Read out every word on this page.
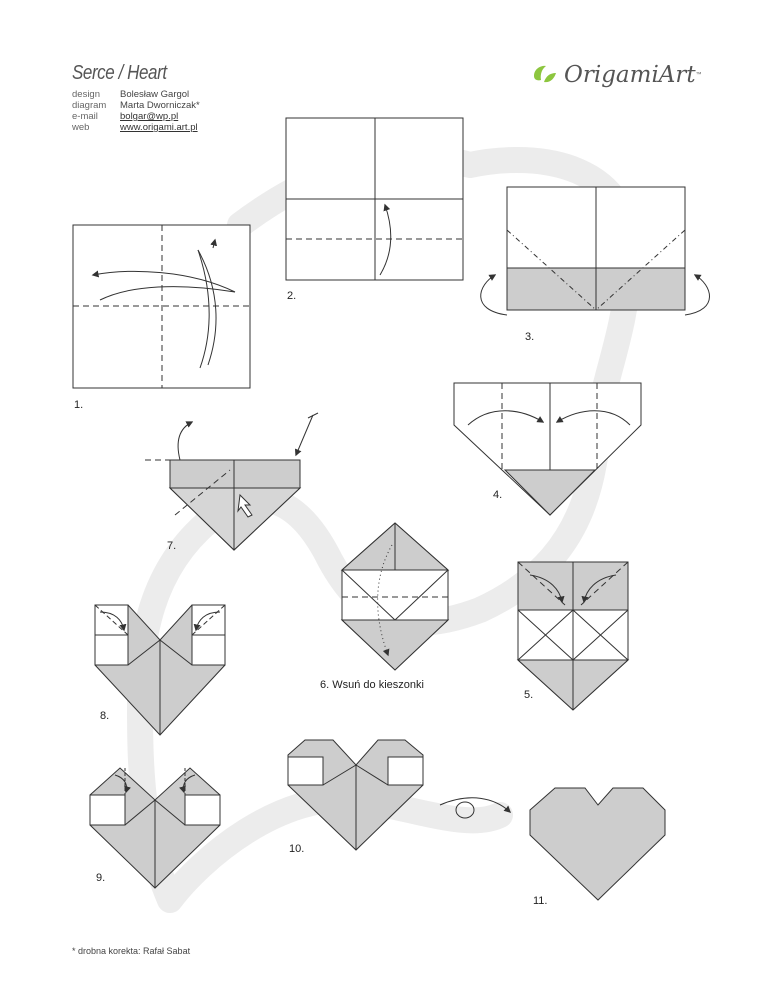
Serce / Heart
design	Bolesław Gargol
diagram	Marta Dworniczak*
e-mail	bolgar@wp.pl
web	www.origami.art.pl
OrigamiArt ™
1.
2.
3.
4.
5.
6. Wsuń do kieszonki
7.
8.
9.
10.
11.
* drobna korekta: Rafał Sabat
